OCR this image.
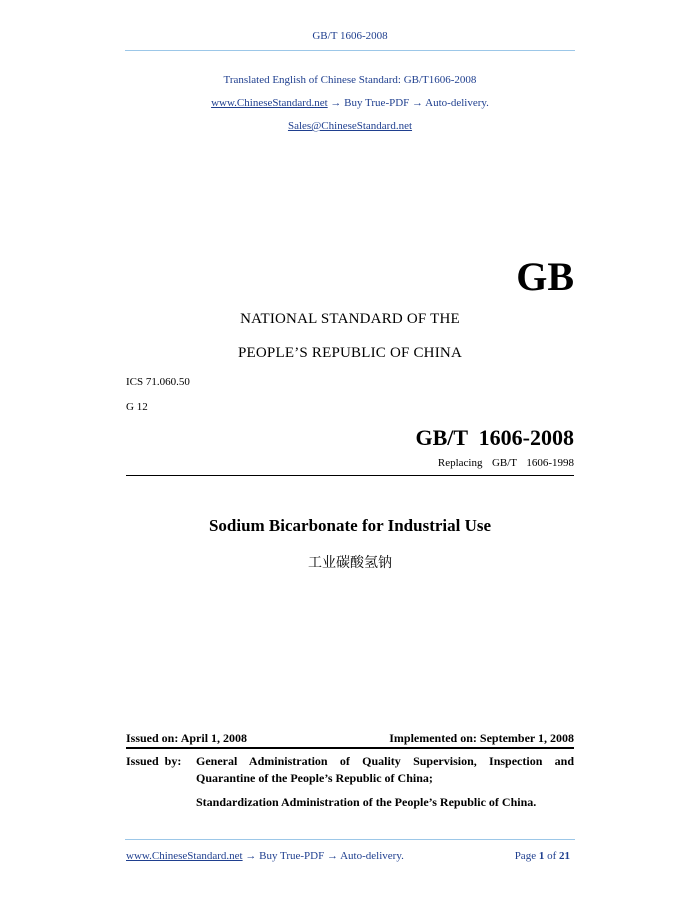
GB/T 1606-2008
Translated English of Chinese Standard: GB/T1606-2008
www.ChineseStandard.net → Buy True-PDF → Auto-delivery.
Sales@ChineseStandard.net
GB
NATIONAL STANDARD OF THE
PEOPLE’S REPUBLIC OF CHINA
ICS 71.060.50
G 12
GB/T  1606-2008
Replacing  GB/T  1606-1998
Sodium Bicarbonate for Industrial Use
工业碳酸氢钠
Issued on: April 1, 2008	Implemented on: September 1, 2008
Issued  by: General Administration of Quality Supervision, Inspection and
Quarantine of the People’s Republic of China;
Standardization Administration of the People’s Republic of China.
www.ChineseStandard.net → Buy True-PDF → Auto-delivery.	Page 1 of 21
